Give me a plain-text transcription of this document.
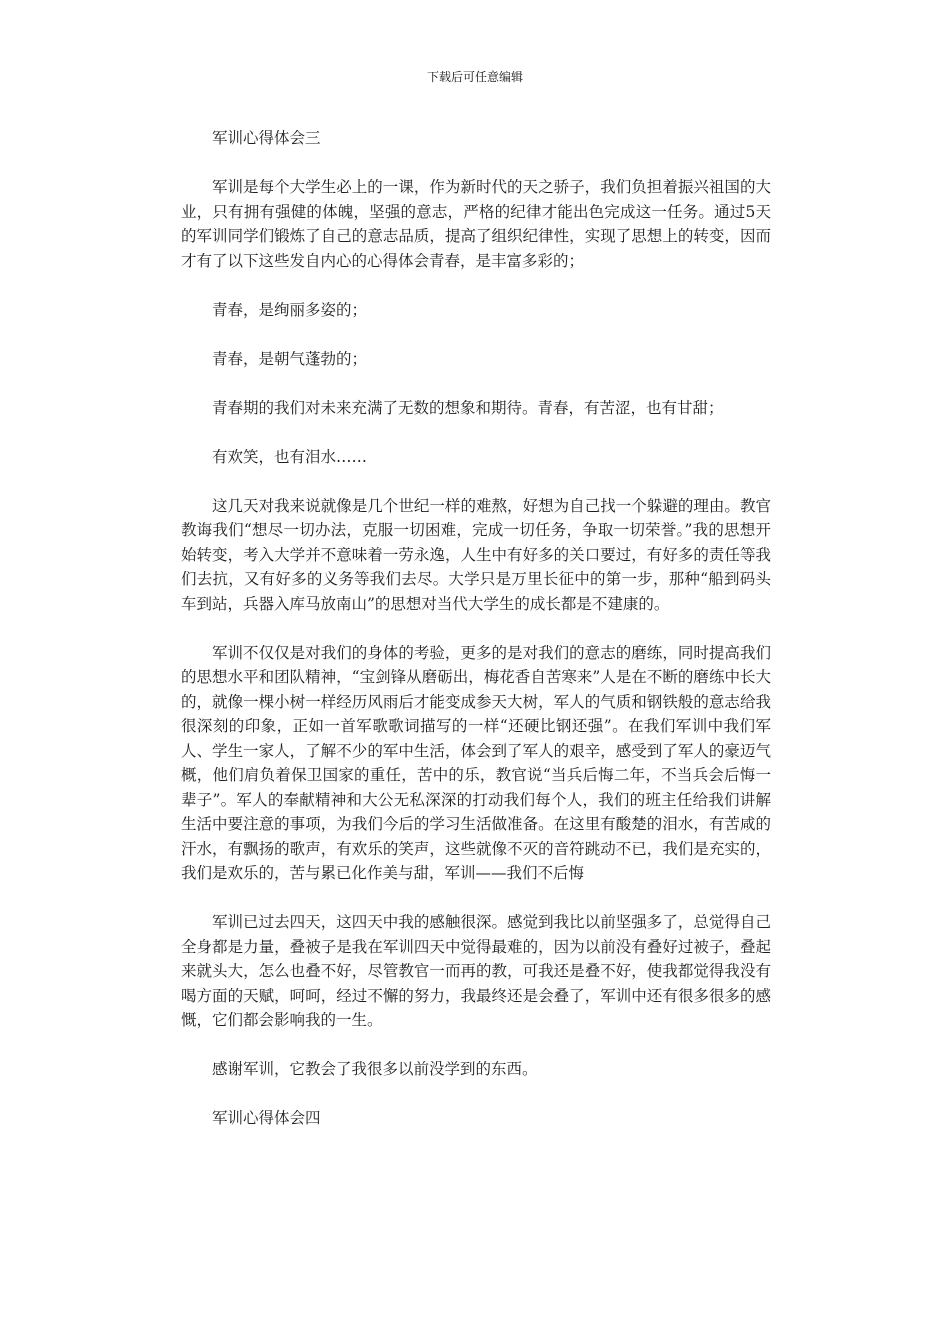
下载后可任意编辑

军训心得体会三

军训是每个大学生必上的一课，作为新时代的天之骄子，我们负担着振兴祖国的大业，只有拥有强健的体魄，坚强的意志，严格的纪律才能出色完成这一任务。通过5天的军训同学们锻炼了自己的意志品质，提高了组织纪律性，实现了思想上的转变，因而才有了以下这些发自内心的心得体会青春，是丰富多彩的；

青春，是绚丽多姿的；

青春，是朝气蓬勃的；

青春期的我们对未来充满了无数的想象和期待。青春，有苦涩，也有甘甜；

有欢笑，也有泪水……

这几天对我来说就像是几个世纪一样的难熬，好想为自己找一个躲避的理由。教官教诲我们“想尽一切办法，克服一切困难，完成一切任务，争取一切荣誉。”我的思想开始转变，考入大学并不意味着一劳永逸，人生中有好多的关口要过，有好多的责任等我们去抗，又有好多的义务等我们去尽。大学只是万里长征中的第一步，那种“船到码头车到站，兵器入库马放南山”的思想对当代大学生的成长都是不建康的。

军训不仅仅是对我们的身体的考验，更多的是对我们的意志的磨练，同时提高我们的思想水平和团队精神，“宝剑锋从磨砺出，梅花香自苦寒来”人是在不断的磨练中长大的，就像一棵小树一样经历风雨后才能变成参天大树，军人的气质和钢铁般的意志给我很深刻的印象，正如一首军歌歌词描写的一样“还硬比钢还强”。在我们军训中我们军人、学生一家人，了解不少的军中生活，体会到了军人的艰辛，感受到了军人的豪迈气概，他们肩负着保卫国家的重任，苦中的乐，教官说“当兵后悔二年，不当兵会后悔一辈子”。军人的奉献精神和大公无私深深的打动我们每个人，我们的班主任给我们讲解生活中要注意的事项，为我们今后的学习生活做准备。在这里有酸楚的泪水，有苦咸的汗水，有飘扬的歌声，有欢乐的笑声，这些就像不灭的音符跳动不已，我们是充实的，我们是欢乐的，苦与累已化作美与甜，军训——我们不后悔

军训已过去四天，这四天中我的感触很深。感觉到我比以前坚强多了，总觉得自己全身都是力量，叠被子是我在军训四天中觉得最难的，因为以前没有叠好过被子，叠起来就头大，怎么也叠不好，尽管教官一而再的教，可我还是叠不好，使我都觉得我没有喝方面的天赋，呵呵，经过不懈的努力，我最终还是会叠了，军训中还有很多很多的感慨，它们都会影响我的一生。

感谢军训，它教会了我很多以前没学到的东西。

军训心得体会四
